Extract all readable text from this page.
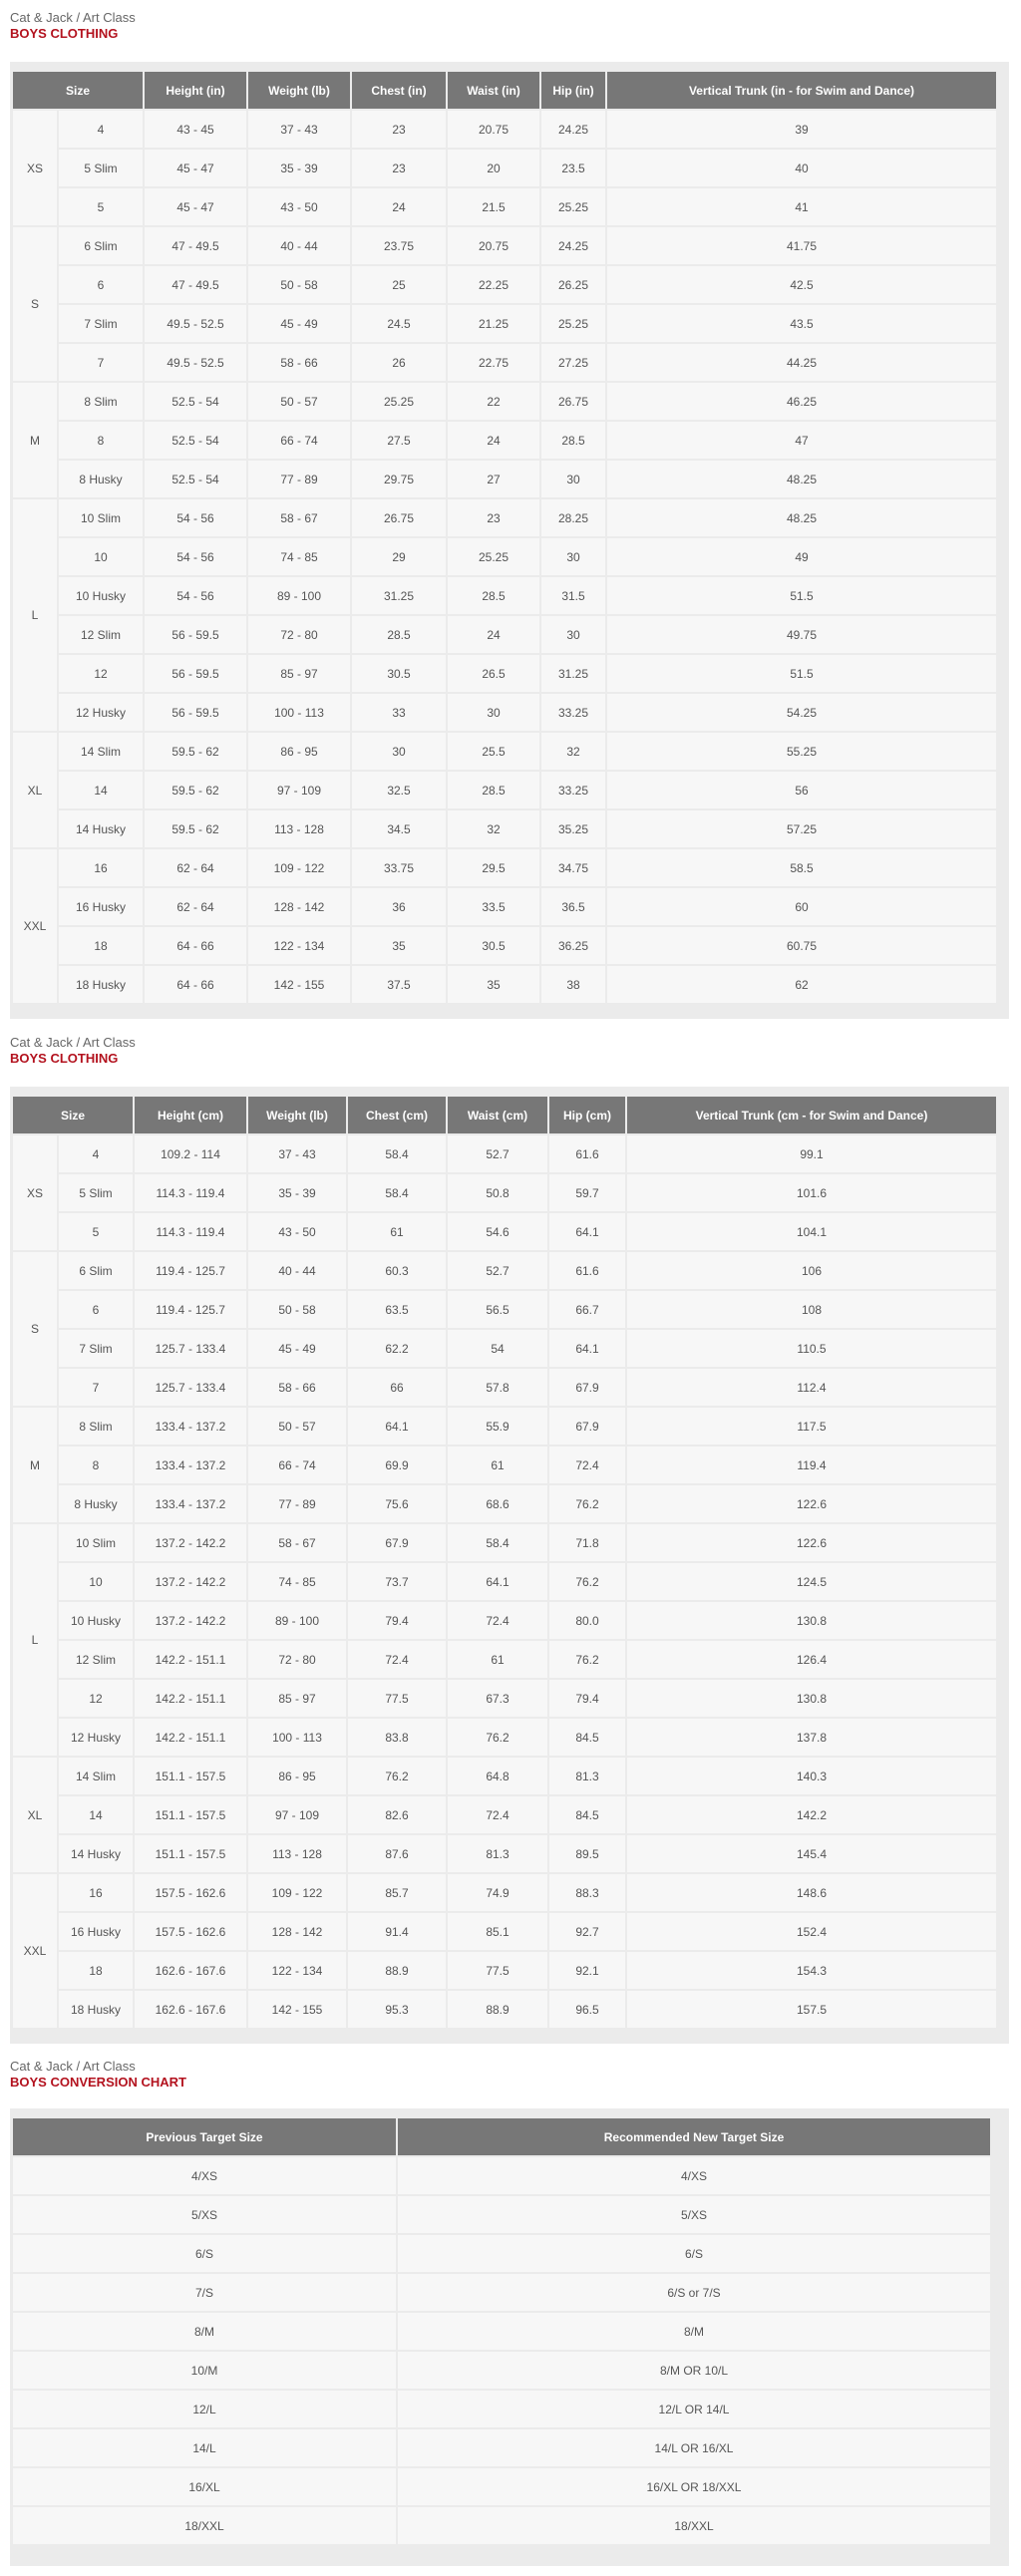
Cat & Jack / Art Class
BOYS CLOTHING
Size		Height (in)	Weight (lb)	Chest (in)	Waist (in)	Hip (in)	Vertical Trunk (in - for Swim and Dance)
XS	4	43 - 45	37 - 43	23	20.75	24.25	39
	5 Slim	45 - 47	35 - 39	23	20	23.5	40
	5	45 - 47	43 - 50	24	21.5	25.25	41
S	6 Slim	47 - 49.5	40 - 44	23.75	20.75	24.25	41.75
	6	47 - 49.5	50 - 58	25	22.25	26.25	42.5
	7 Slim	49.5 - 52.5	45 - 49	24.5	21.25	25.25	43.5
	7	49.5 - 52.5	58 - 66	26	22.75	27.25	44.25
M	8 Slim	52.5 - 54	50 - 57	25.25	22	26.75	46.25
	8	52.5 - 54	66 - 74	27.5	24	28.5	47
	8 Husky	52.5 - 54	77 - 89	29.75	27	30	48.25
L	10 Slim	54 - 56	58 - 67	26.75	23	28.25	48.25
	10	54 - 56	74 - 85	29	25.25	30	49
	10 Husky	54 - 56	89 - 100	31.25	28.5	31.5	51.5
	12 Slim	56 - 59.5	72 - 80	28.5	24	30	49.75
	12	56 - 59.5	85 - 97	30.5	26.5	31.25	51.5
	12 Husky	56 - 59.5	100 - 113	33	30	33.25	54.25
XL	14 Slim	59.5 - 62	86 - 95	30	25.5	32	55.25
	14	59.5 - 62	97 - 109	32.5	28.5	33.25	56
	14 Husky	59.5 - 62	113 - 128	34.5	32	35.25	57.25
XXL	16	62 - 64	109 - 122	33.75	29.5	34.75	58.5
	16 Husky	62 - 64	128 - 142	36	33.5	36.5	60
	18	64 - 66	122 - 134	35	30.5	36.25	60.75
	18 Husky	64 - 66	142 - 155	37.5	35	38	62
Cat & Jack / Art Class
BOYS CLOTHING
Size		Height (cm)	Weight (lb)	Chest (cm)	Waist (cm)	Hip (cm)	Vertical Trunk (cm - for Swim and Dance)
XS	4	109.2 - 114	37 - 43	58.4	52.7	61.6	99.1
	5 Slim	114.3 - 119.4	35 - 39	58.4	50.8	59.7	101.6
	5	114.3 - 119.4	43 - 50	61	54.6	64.1	104.1
S	6 Slim	119.4 - 125.7	40 - 44	60.3	52.7	61.6	106
	6	119.4 - 125.7	50 - 58	63.5	56.5	66.7	108
	7 Slim	125.7 - 133.4	45 - 49	62.2	54	64.1	110.5
	7	125.7 - 133.4	58 - 66	66	57.8	67.9	112.4
M	8 Slim	133.4 - 137.2	50 - 57	64.1	55.9	67.9	117.5
	8	133.4 - 137.2	66 - 74	69.9	61	72.4	119.4
	8 Husky	133.4 - 137.2	77 - 89	75.6	68.6	76.2	122.6
L	10 Slim	137.2 - 142.2	58 - 67	67.9	58.4	71.8	122.6
	10	137.2 - 142.2	74 - 85	73.7	64.1	76.2	124.5
	10 Husky	137.2 - 142.2	89 - 100	79.4	72.4	80.0	130.8
	12 Slim	142.2 - 151.1	72 - 80	72.4	61	76.2	126.4
	12	142.2 - 151.1	85 - 97	77.5	67.3	79.4	130.8
	12 Husky	142.2 - 151.1	100 - 113	83.8	76.2	84.5	137.8
XL	14 Slim	151.1 - 157.5	86 - 95	76.2	64.8	81.3	140.3
	14	151.1 - 157.5	97 - 109	82.6	72.4	84.5	142.2
	14 Husky	151.1 - 157.5	113 - 128	87.6	81.3	89.5	145.4
XXL	16	157.5 - 162.6	109 - 122	85.7	74.9	88.3	148.6
	16 Husky	157.5 - 162.6	128 - 142	91.4	85.1	92.7	152.4
	18	162.6 - 167.6	122 - 134	88.9	77.5	92.1	154.3
	18 Husky	162.6 - 167.6	142 - 155	95.3	88.9	96.5	157.5
Cat & Jack / Art Class
BOYS CONVERSION CHART
Previous Target Size	Recommended New Target Size
4/XS	4/XS
5/XS	5/XS
6/S	6/S
7/S	6/S or 7/S
8/M	8/M
10/M	8/M OR 10/L
12/L	12/L OR 14/L
14/L	14/L OR 16/XL
16/XL	16/XL OR 18/XXL
18/XXL	18/XXL
